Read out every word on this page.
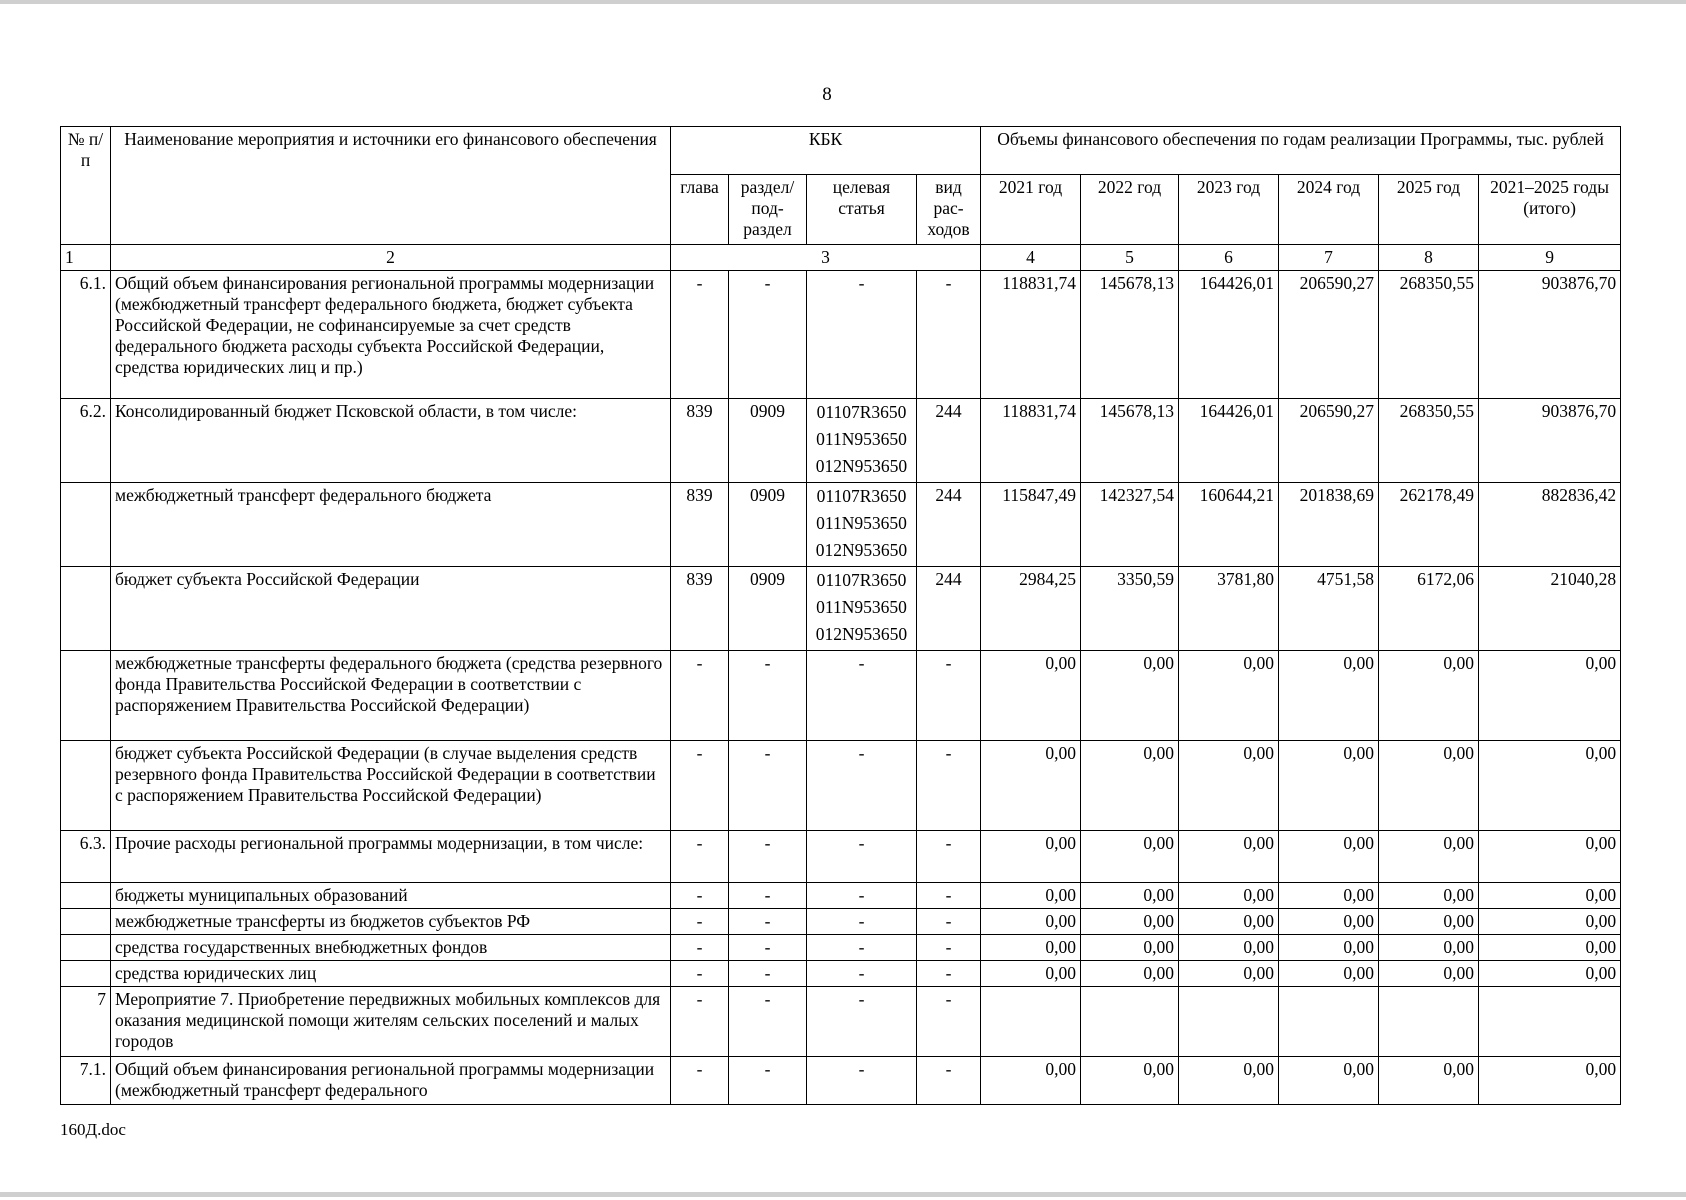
8
№ п/п	Наименование мероприятия и источники его финансового обеспечения	КБК				Объемы финансового обеспечения по годам реализации Программы, тыс. рублей					
		глава	раздел/ под- раздел	целевая статья	вид рас- ходов	2021 год	2022 год	2023 год	2024 год	2025 год	2021–2025 годы (итого)
1	2	3				4	5	6	7	8	9
6.1.	Общий объем финансирования региональной программы модернизации (межбюджетный трансферт федерального бюджета, бюджет субъекта Российской Федерации, не софинансируемые за счет средств федерального бюджета расходы субъекта Российской Федерации, средства юридических лиц и пр.)	-	-	-	-	118831,74	145678,13	164426,01	206590,27	268350,55	903876,70
6.2.	Консолидированный бюджет Псковской области, в том числе:	839	0909	01107R3650
011N953650
012N953650	244	118831,74	145678,13	164426,01	206590,27	268350,55	903876,70
	межбюджетный трансферт федерального бюджета	839	0909	01107R3650
011N953650
012N953650	244	115847,49	142327,54	160644,21	201838,69	262178,49	882836,42
	бюджет субъекта Российской Федерации	839	0909	01107R3650
011N953650
012N953650	244	2984,25	3350,59	3781,80	4751,58	6172,06	21040,28
	межбюджетные трансферты федерального бюджета (средства резервного фонда Правительства Российской Федерации в соответствии с распоряжением Правительства Российской Федерации)	-	-	-	-	0,00	0,00	0,00	0,00	0,00	0,00
	бюджет субъекта Российской Федерации (в случае выделения средств резервного фонда Правительства Российской Федерации в соответствии с распоряжением Правительства Российской Федерации)	-	-	-	-	0,00	0,00	0,00	0,00	0,00	0,00
6.3.	Прочие расходы региональной программы модернизации, в том числе:	-	-	-	-	0,00	0,00	0,00	0,00	0,00	0,00
	бюджеты муниципальных образований	-	-	-	-	0,00	0,00	0,00	0,00	0,00	0,00
	межбюджетные трансферты из бюджетов субъектов РФ	-	-	-	-	0,00	0,00	0,00	0,00	0,00	0,00
	средства государственных внебюджетных фондов	-	-	-	-	0,00	0,00	0,00	0,00	0,00	0,00
	средства юридических лиц	-	-	-	-	0,00	0,00	0,00	0,00	0,00	0,00
7	Мероприятие 7. Приобретение передвижных мобильных комплексов для оказания медицинской помощи жителям сельских поселений и малых городов	-	-	-	-						
7.1.	Общий объем финансирования региональной программы модернизации (межбюджетный трансферт федерального	-	-	-	-	0,00	0,00	0,00	0,00	0,00	0,00
160Д.doc
